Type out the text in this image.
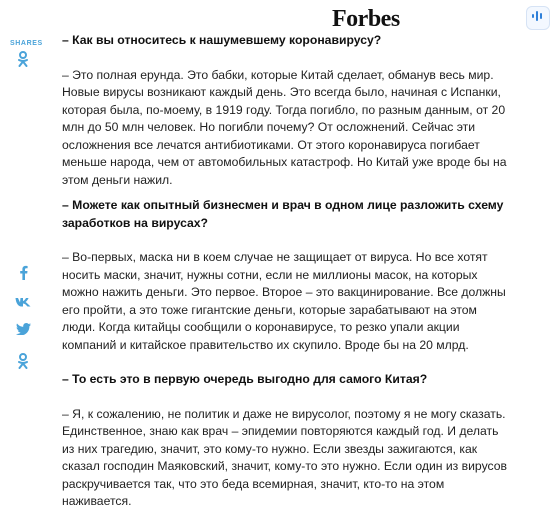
Forbes
SHARES – Как вы относитесь к нашумевшему коронавирусу?

– Это полная ерунда. Это бабки, которые Китай сделает, обманув весь мир. Новые вирусы возникают каждый день. Это всегда было, начиная с Испанки, которая была, по-моему, в 1919 году. Тогда погибло, по разным данным, от 20 млн до 50 млн человек. Но погибли почему? От осложнений. Сейчас эти осложнения все лечатся антибиотиками. От этого коронавируса погибает меньше народа, чем от автомобильных катастроф. Но Китай уже вроде бы на этом деньги нажил.

– Можете как опытный бизнесмен и врач в одном лице разложить схему заработков на вирусах?

– Во-первых, маска ни в коем случае не защищает от вируса. Но все хотят носить маски, значит, нужны сотни, если не миллионы масок, на которых можно нажить деньги. Это первое. Второе – это вакцинирование. Все должны его пройти, а это тоже гигантские деньги, которые зарабатывают на этом люди. Когда китайцы сообщили о коронавирусе, то резко упали акции компаний и китайское правительство их скупило. Вроде бы на 20 млрд.

– То есть это в первую очередь выгодно для самого Китая?

– Я, к сожалению, не политик и даже не вирусолог, поэтому я не могу сказать. Единственное, знаю как врач – эпидемии повторяются каждый год. И делать из них трагедию, значит, это кому-то нужно. Если звезды зажигаются, как сказал господин Маяковский, значит, кому-то это нужно. Если один из вирусов раскручивается так, что это беда всемирная, значит, кто-то на этом наживается.
